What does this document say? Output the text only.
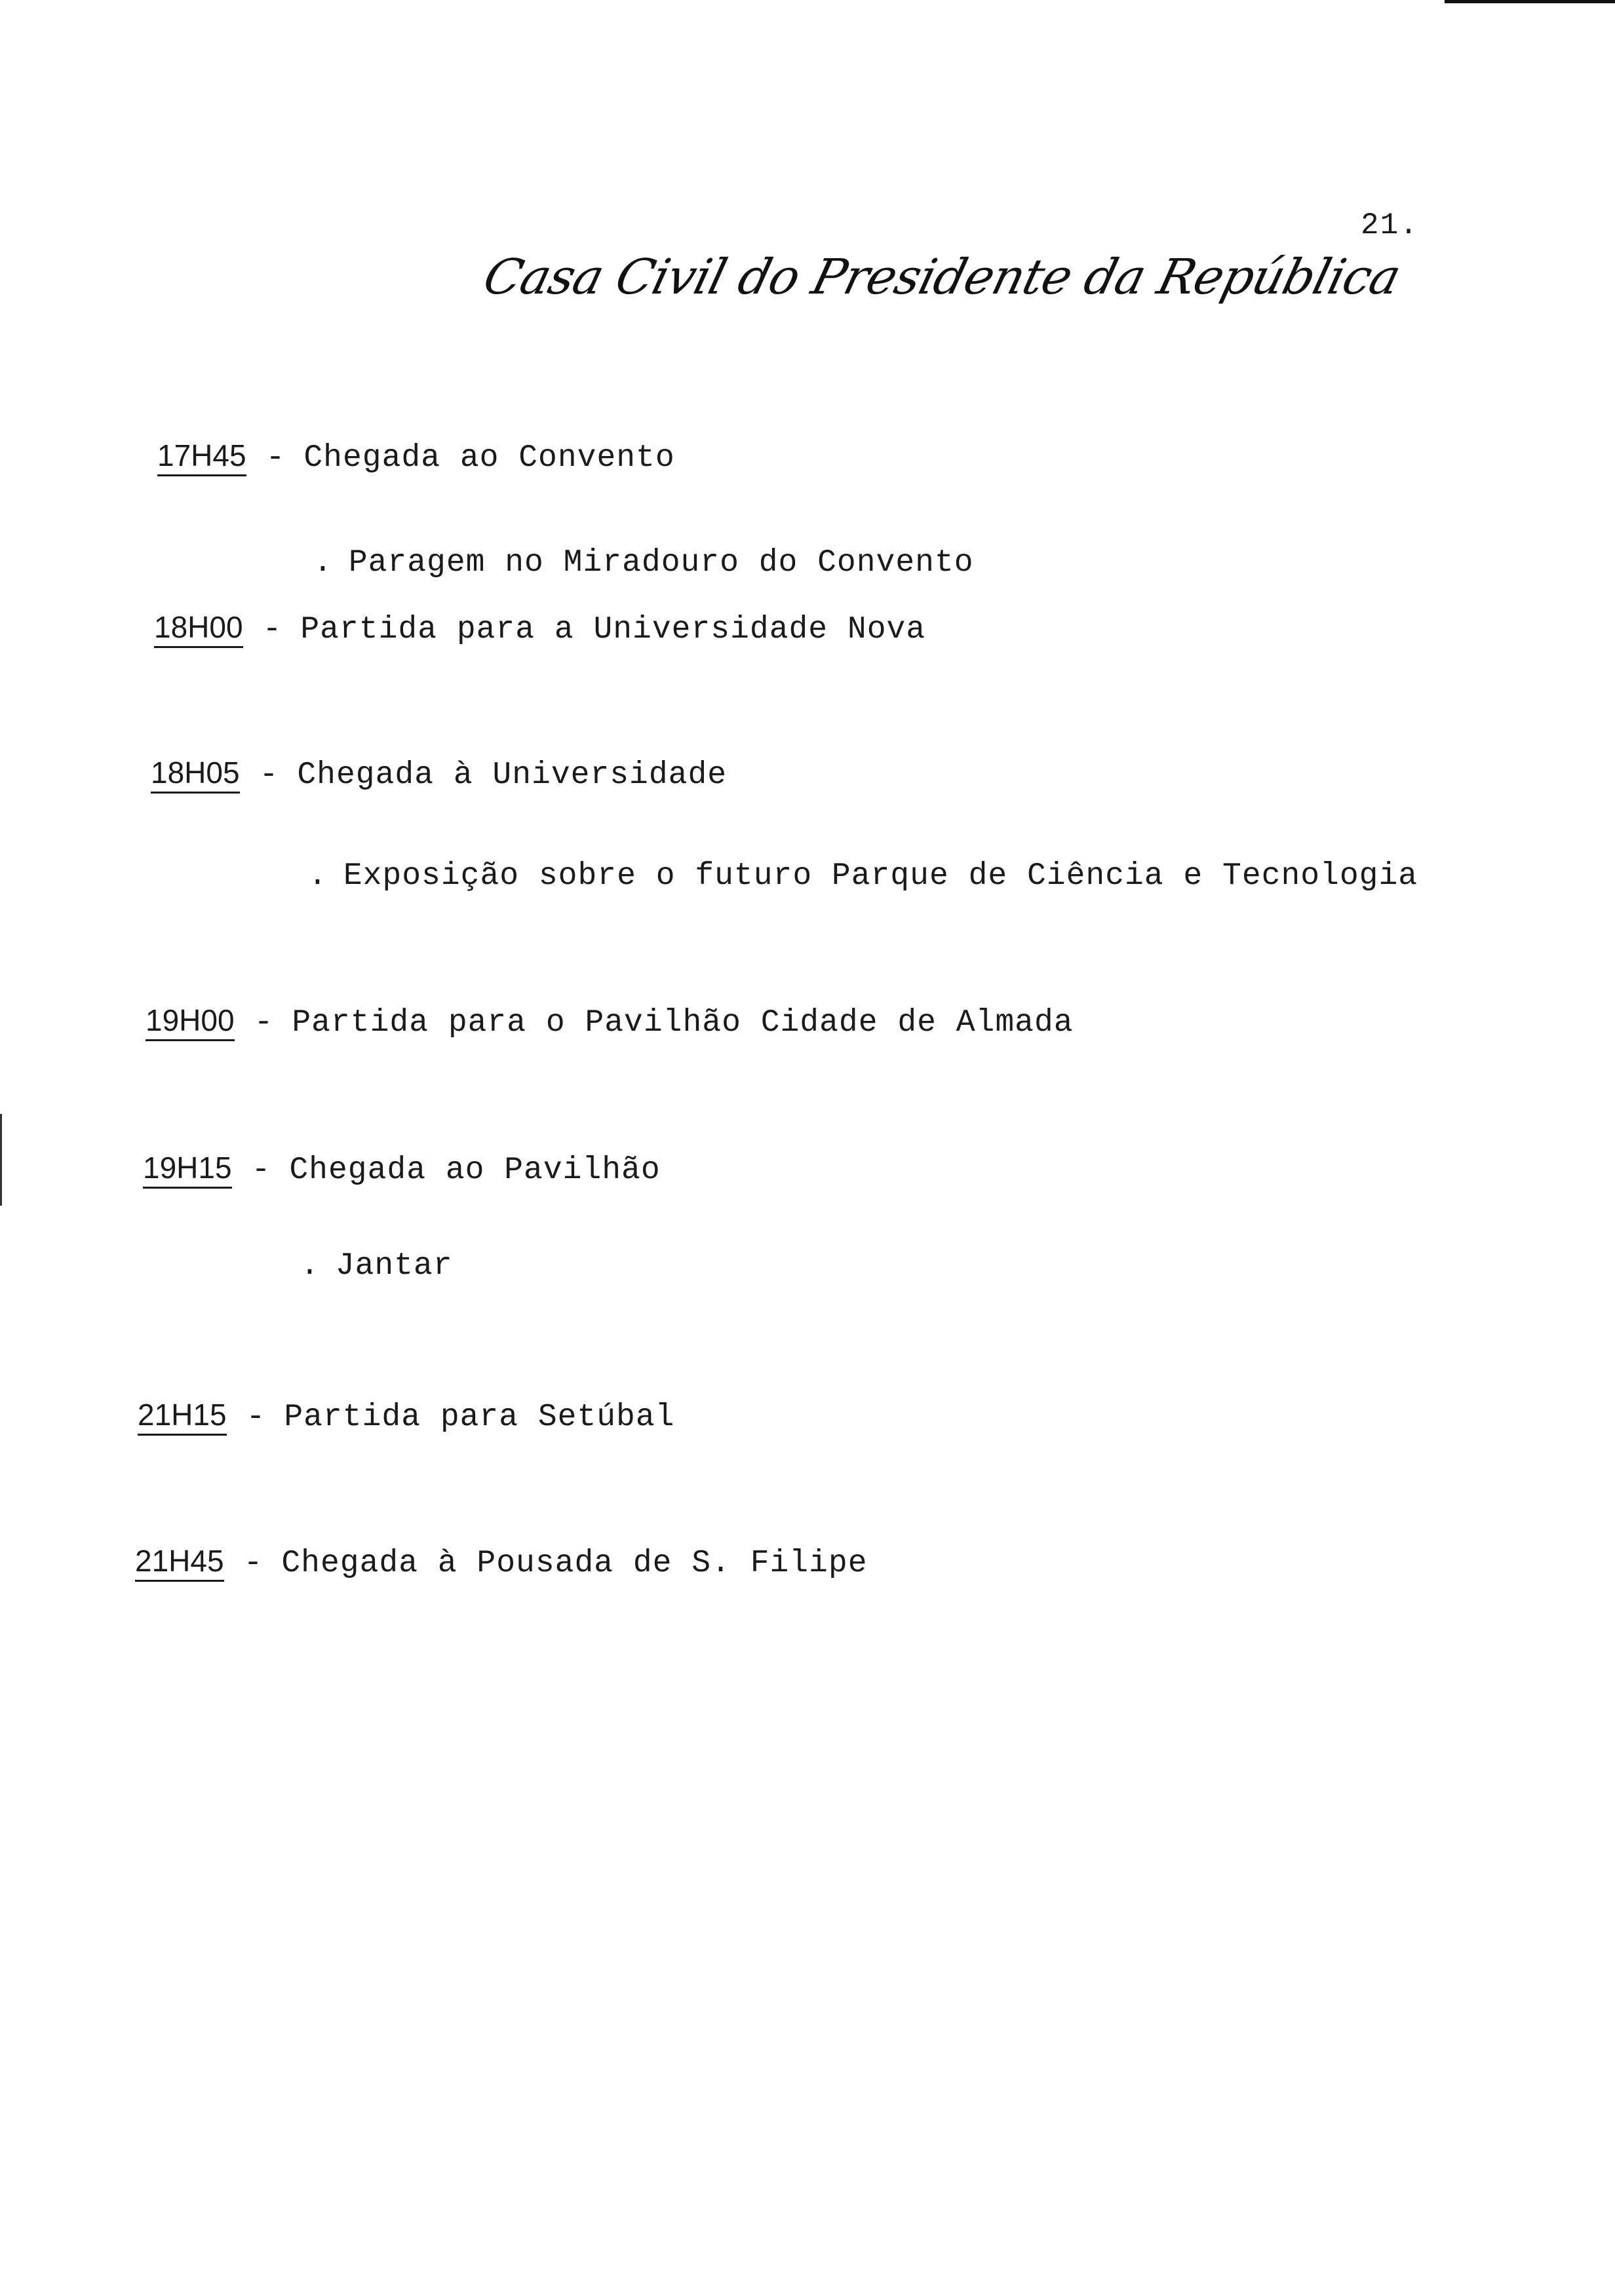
21.
Casa Civil do Presidente da República
17H45 - Chegada ao Convento
. Paragem no Miradouro do Convento
18H00 - Partida para a Universidade Nova
18H05 - Chegada à Universidade
. Exposição sobre o futuro Parque de Ciência e Tecnologia
19H00 - Partida para o Pavilhão Cidade de Almada
19H15 - Chegada ao Pavilhão
. Jantar
21H15 - Partida para Setúbal
21H45 - Chegada à Pousada de S. Filipe
